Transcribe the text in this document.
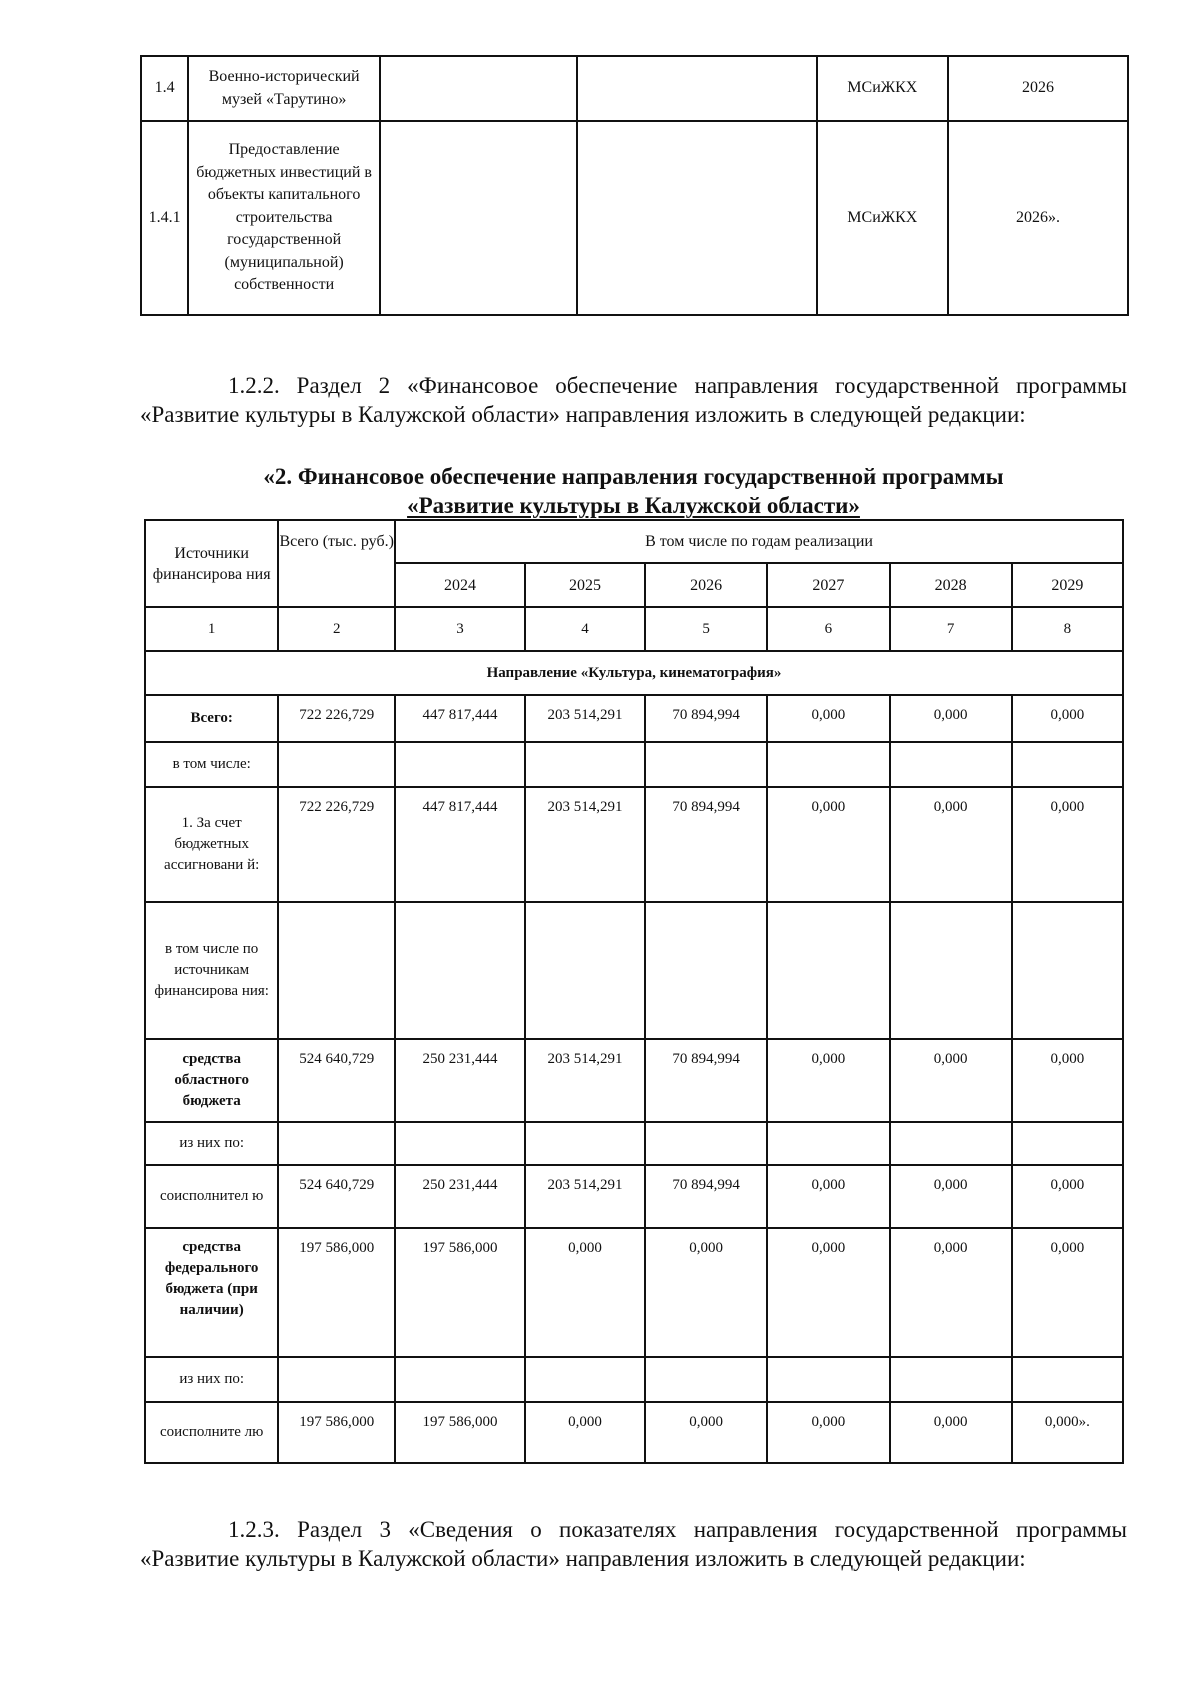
1.4	Военно-исторический музей «Тарутино»			МСиЖКХ	2026
1.4.1	Предоставление бюджетных инвестиций в объекты капитального строительства государственной (муниципальной) собственности			МСиЖКХ	2026».
1.2.2. Раздел 2 «Финансовое обеспечение направления государственной программы «Развитие культуры в Калужской области» направления изложить в следующей редакции:
«2. Финансовое обеспечение направления государственной программы
«Развитие культуры в Калужской области»
Источники финансирова ния	Всего (тыс. руб.)	В том числе по годам реализации					
		2024	2025	2026	2027	2028	2029
1	2	3	4	5	6	7	8
Направление «Культура, кинематография»							
Всего:	722 226,729	447 817,444	203 514,291	70 894,994	0,000	0,000	0,000
в том числе:							
1. За счет бюджетных ассигновани й:	722 226,729	447 817,444	203 514,291	70 894,994	0,000	0,000	0,000
в том числе по источникам финансирова ния:							
средства областного бюджета	524 640,729	250 231,444	203 514,291	70 894,994	0,000	0,000	0,000
из них по:							
соисполнител ю	524 640,729	250 231,444	203 514,291	70 894,994	0,000	0,000	0,000
средства федерального бюджета (при наличии)	197 586,000	197 586,000	0,000	0,000	0,000	0,000	0,000
из них по:							
соисполните лю	197 586,000	197 586,000	0,000	0,000	0,000	0,000	0,000».
1.2.3. Раздел 3 «Сведения о показателях направления государственной программы «Развитие культуры в Калужской области» направления изложить в следующей редакции:
